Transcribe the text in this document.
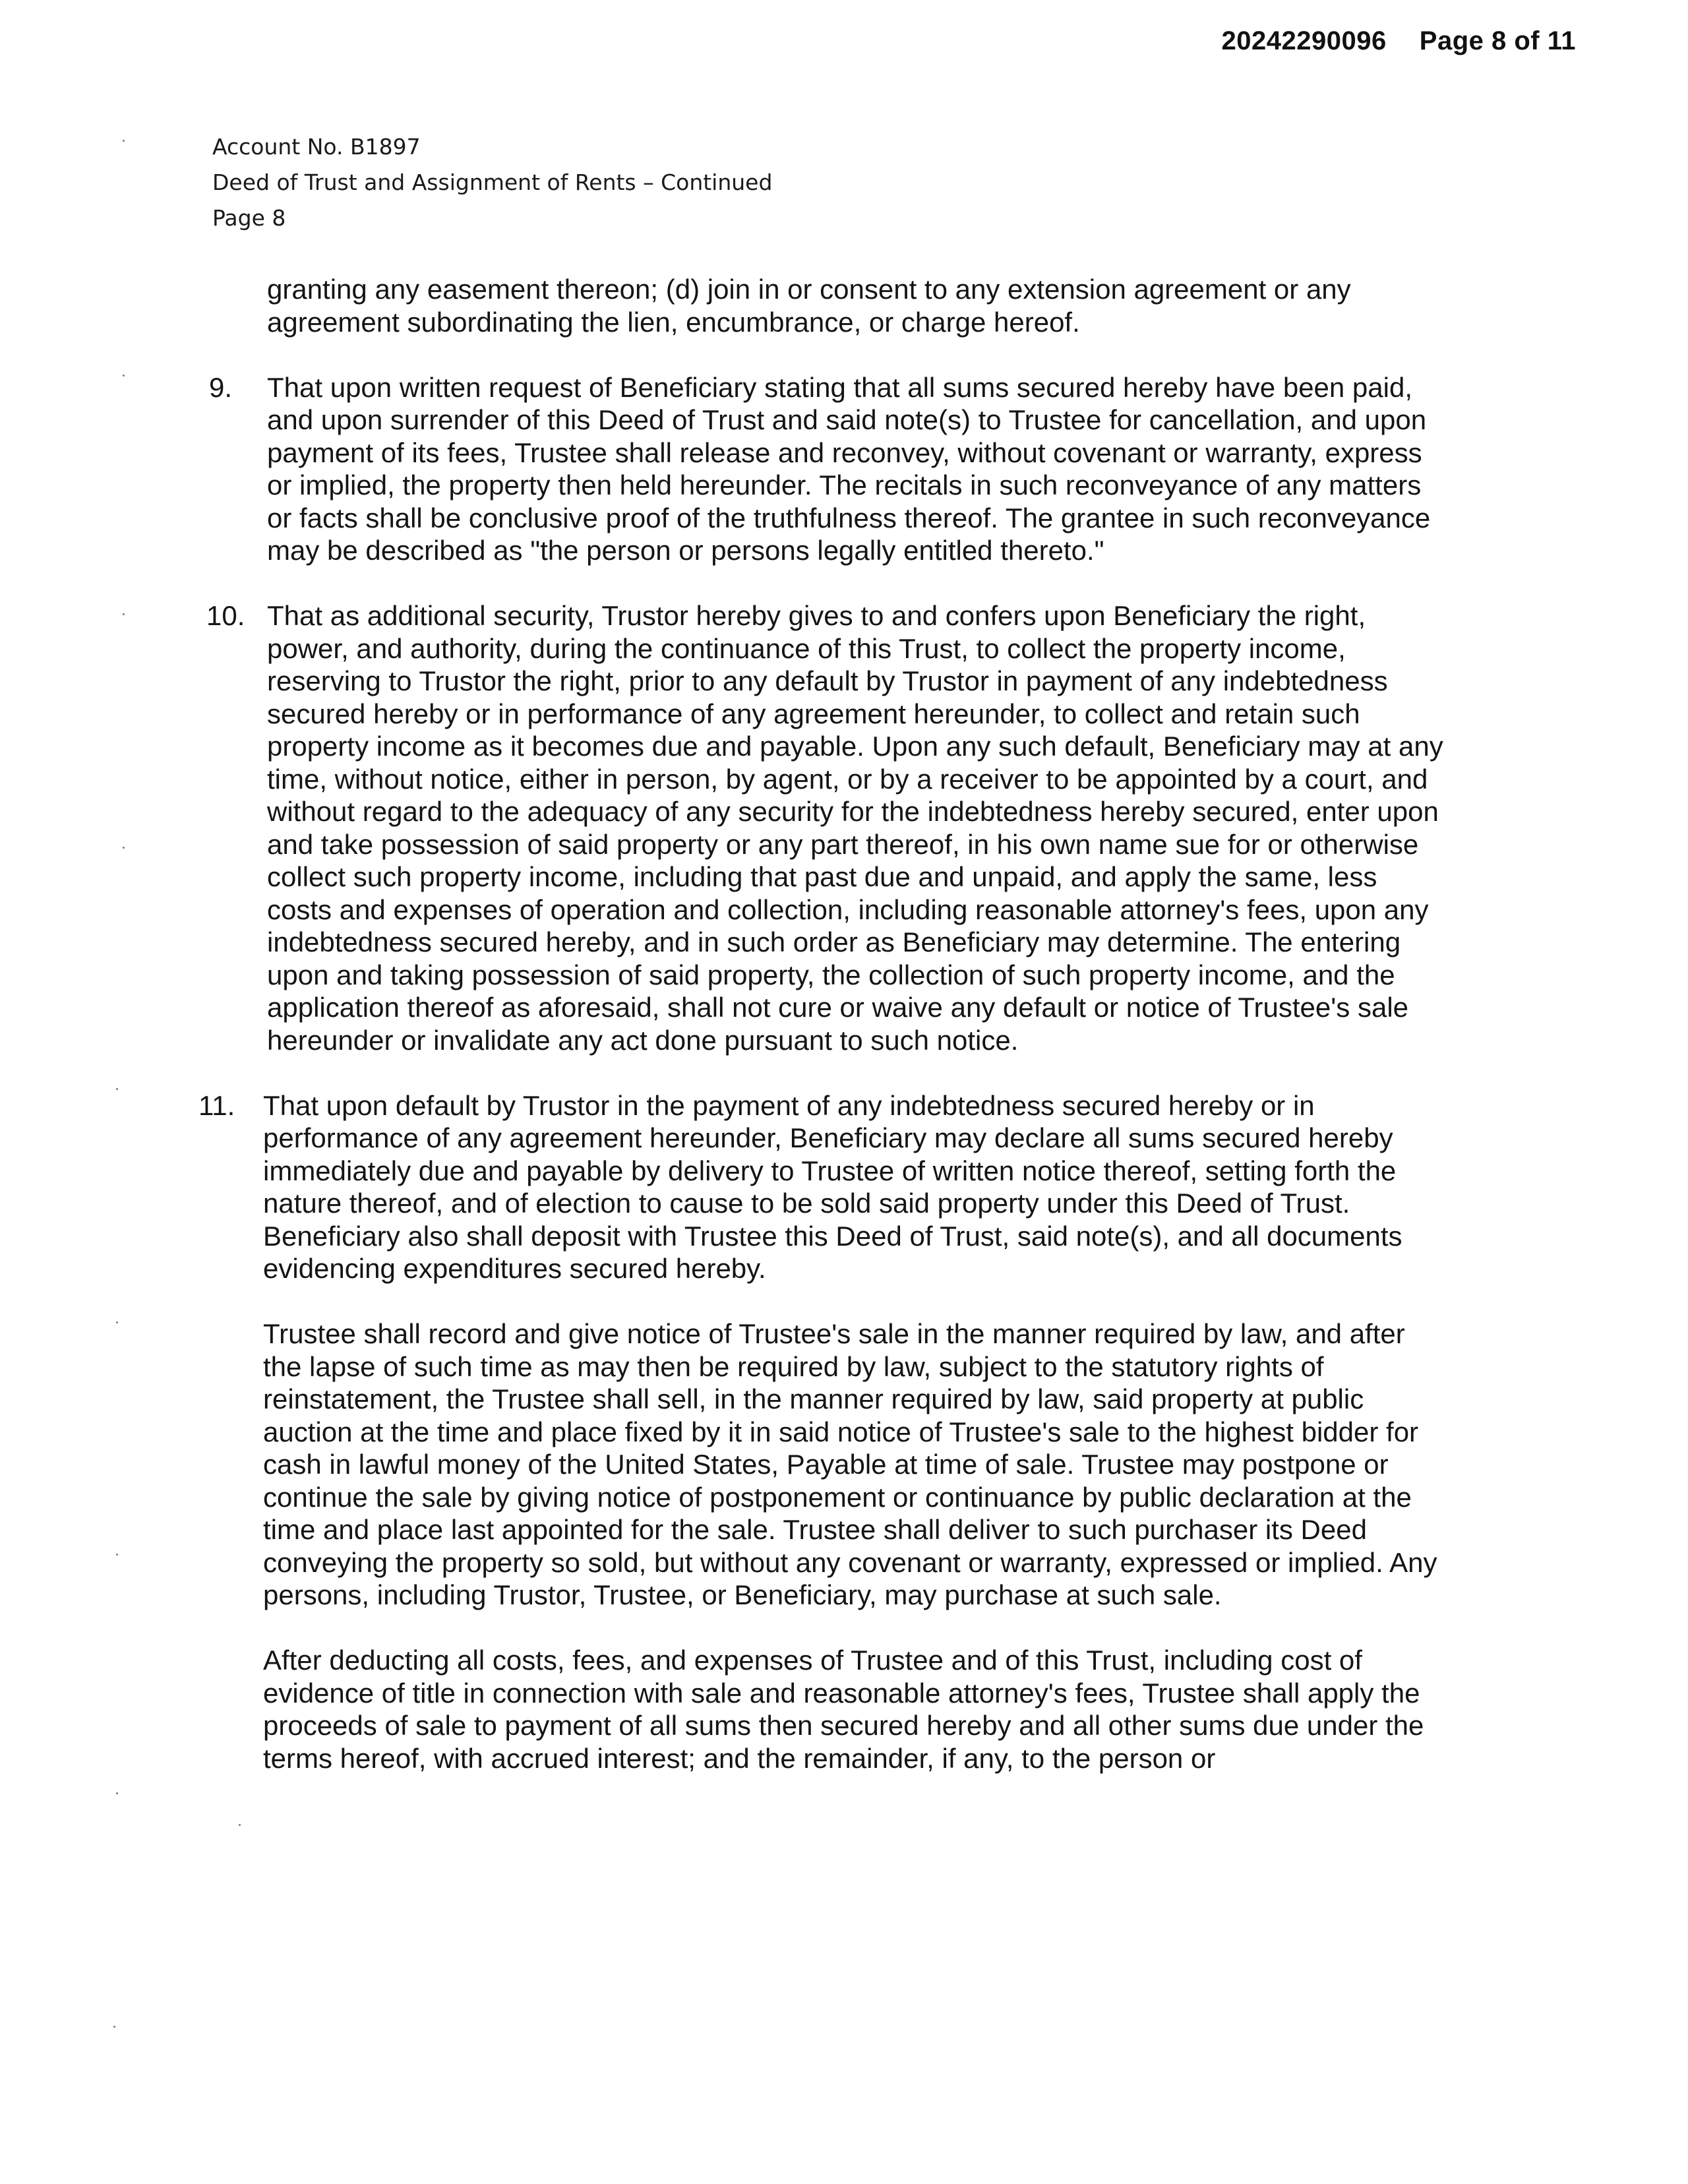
20242290096 Page 8 of 11
Account No. B1897
Deed of Trust and Assignment of Rents – Continued
Page 8

granting any easement thereon; (d) join in or consent to any extension agreement or any agreement subordinating the lien, encumbrance, or charge hereof.

9. That upon written request of Beneficiary stating that all sums secured hereby have been paid, and upon surrender of this Deed of Trust and said note(s) to Trustee for cancellation, and upon payment of its fees, Trustee shall release and reconvey, without covenant or warranty, express or implied, the property then held hereunder. The recitals in such reconveyance of any matters or facts shall be conclusive proof of the truthfulness thereof. The grantee in such reconveyance may be described as "the person or persons legally entitled thereto."

10. That as additional security, Trustor hereby gives to and confers upon Beneficiary the right, power, and authority, during the continuance of this Trust, to collect the property income, reserving to Trustor the right, prior to any default by Trustor in payment of any indebtedness secured hereby or in performance of any agreement hereunder, to collect and retain such property income as it becomes due and payable. Upon any such default, Beneficiary may at any time, without notice, either in person, by agent, or by a receiver to be appointed by a court, and without regard to the adequacy of any security for the indebtedness hereby secured, enter upon and take possession of said property or any part thereof, in his own name sue for or otherwise collect such property income, including that past due and unpaid, and apply the same, less costs and expenses of operation and collection, including reasonable attorney's fees, upon any indebtedness secured hereby, and in such order as Beneficiary may determine. The entering upon and taking possession of said property, the collection of such property income, and the application thereof as aforesaid, shall not cure or waive any default or notice of Trustee's sale hereunder or invalidate any act done pursuant to such notice.

11. That upon default by Trustor in the payment of any indebtedness secured hereby or in performance of any agreement hereunder, Beneficiary may declare all sums secured hereby immediately due and payable by delivery to Trustee of written notice thereof, setting forth the nature thereof, and of election to cause to be sold said property under this Deed of Trust. Beneficiary also shall deposit with Trustee this Deed of Trust, said note(s), and all documents evidencing expenditures secured hereby.

Trustee shall record and give notice of Trustee's sale in the manner required by law, and after the lapse of such time as may then be required by law, subject to the statutory rights of reinstatement, the Trustee shall sell, in the manner required by law, said property at public auction at the time and place fixed by it in said notice of Trustee's sale to the highest bidder for cash in lawful money of the United States, Payable at time of sale. Trustee may postpone or continue the sale by giving notice of postponement or continuance by public declaration at the time and place last appointed for the sale. Trustee shall deliver to such purchaser its Deed conveying the property so sold, but without any covenant or warranty, expressed or implied. Any persons, including Trustor, Trustee, or Beneficiary, may purchase at such sale.

After deducting all costs, fees, and expenses of Trustee and of this Trust, including cost of evidence of title in connection with sale and reasonable attorney's fees, Trustee shall apply the proceeds of sale to payment of all sums then secured hereby and all other sums due under the terms hereof, with accrued interest; and the remainder, if any, to the person or
